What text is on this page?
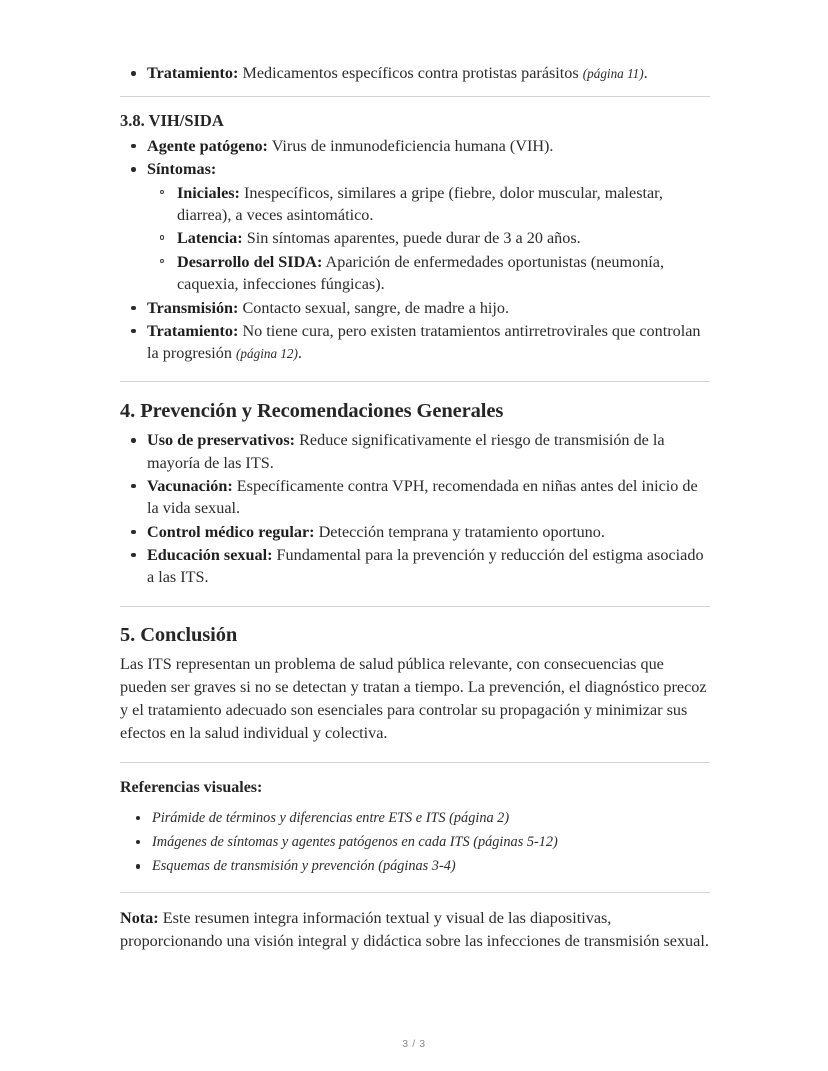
Tratamiento: Medicamentos específicos contra protistas parásitos (página 11).
3.8. VIH/SIDA
Agente patógeno: Virus de inmunodeficiencia humana (VIH).
Síntomas:
Iniciales: Inespecíficos, similares a gripe (fiebre, dolor muscular, malestar, diarrea), a veces asintomático.
Latencia: Sin síntomas aparentes, puede durar de 3 a 20 años.
Desarrollo del SIDA: Aparición de enfermedades oportunistas (neumonía, caquexia, infecciones fúngicas).
Transmisión: Contacto sexual, sangre, de madre a hijo.
Tratamiento: No tiene cura, pero existen tratamientos antirretrovirales que controlan la progresión (página 12).
4. Prevención y Recomendaciones Generales
Uso de preservativos: Reduce significativamente el riesgo de transmisión de la mayoría de las ITS.
Vacunación: Específicamente contra VPH, recomendada en niñas antes del inicio de la vida sexual.
Control médico regular: Detección temprana y tratamiento oportuno.
Educación sexual: Fundamental para la prevención y reducción del estigma asociado a las ITS.
5. Conclusión

Las ITS representan un problema de salud pública relevante, con consecuencias que pueden ser graves si no se detectan y tratan a tiempo. La prevención, el diagnóstico precoz y el tratamiento adecuado son esenciales para controlar su propagación y minimizar sus efectos en la salud individual y colectiva.

Referencias visuales:
Pirámide de términos y diferencias entre ETS e ITS (página 2)
Imágenes de síntomas y agentes patógenos en cada ITS (páginas 5-12)
Esquemas de transmisión y prevención (páginas 3-4)

Nota: Este resumen integra información textual y visual de las diapositivas, proporcionando una visión integral y didáctica sobre las infecciones de transmisión sexual.

3 / 3
